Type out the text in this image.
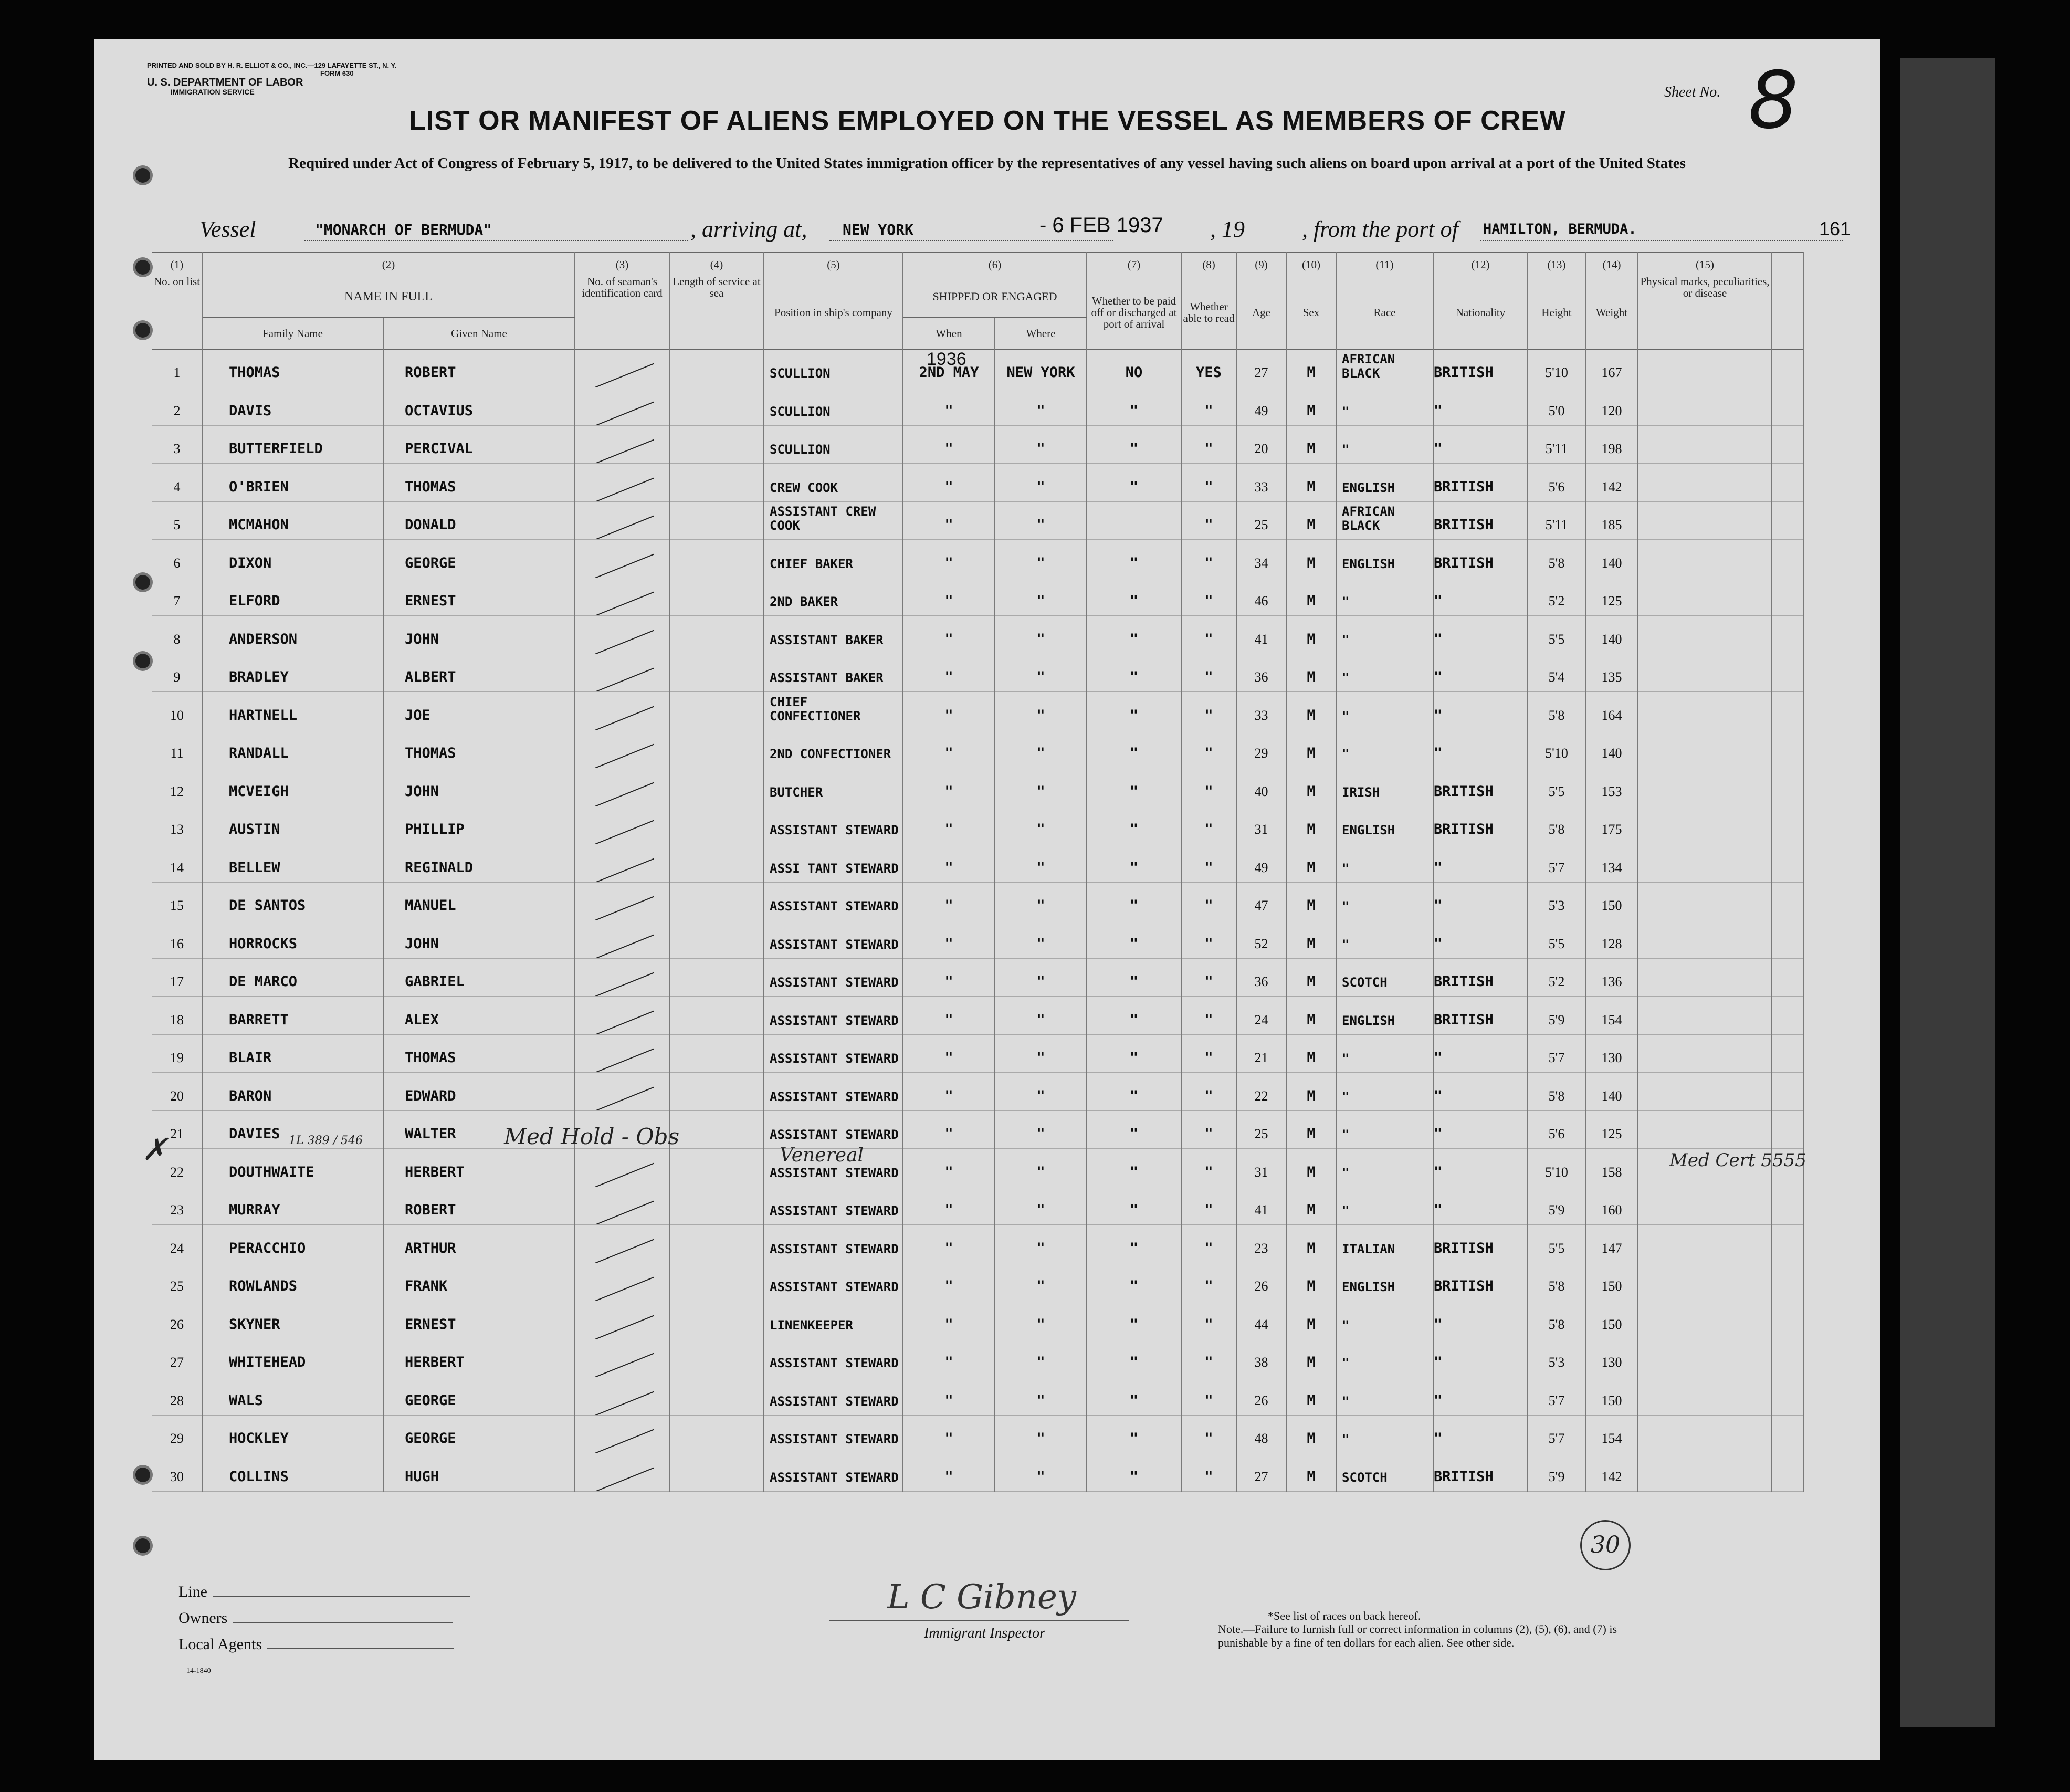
PRINTED AND SOLD BY H. R. ELLIOT & CO., INC.—129 LAFAYETTE ST., N. Y.
FORM 630
U. S. DEPARTMENT OF LABOR
IMMIGRATION SERVICE	Sheet No. 8
LIST OR MANIFEST OF ALIENS EMPLOYED ON THE VESSEL AS MEMBERS OF CREW
Required under Act of Congress of February 5, 1917, to be delivered to the United States immigration officer by the representatives of any vessel having such aliens on board upon arrival at a port of the United States
Vessel	"MONARCH OF BERMUDA"	, arriving at, NEW YORK	- 6 FEB 1937 , 19 , from the port of HAMILTON, BERMUDA.	161
(1)	(2)		(3)	(4)	(5)	(6)		(7)	(8)	(9)	(10)	(11)	(12)	(13)	(14)	(15)	
No. on list	NAME IN FULL		No. of seaman's identification card	Length of service at sea	Position in ship's company	SHIPPED OR ENGAGED		Whether to be paid off or discharged at port of arrival	Whether able to read	Age	Sex	Race	Nationality	Height	Weight	Physical marks, peculiarities, or disease	
	Family Name	Given Name				When	Where										
1	THOMAS	ROBERT			SCULLION	2ND MAY	NEW YORK	NO	YES	27	M	AFRICAN BLACK	BRITISH	5'10	167		
2	DAVIS	OCTAVIUS			SCULLION	"	"	"	"	49	M	"	"	5'0	120		
3	BUTTERFIELD	PERCIVAL			SCULLION	"	"	"	"	20	M	"	"	5'11	198		
4	O'BRIEN	THOMAS			CREW COOK	"	"	"	"	33	M	ENGLISH	BRITISH	5'6	142		
5	MCMAHON	DONALD			ASSISTANT CREW COOK	"	"		"	25	M	AFRICAN BLACK	BRITISH	5'11	185		
6	DIXON	GEORGE			CHIEF BAKER	"	"	"	"	34	M	ENGLISH	BRITISH	5'8	140		
7	ELFORD	ERNEST			2ND BAKER	"	"	"	"	46	M	"	"	5'2	125		
8	ANDERSON	JOHN			ASSISTANT BAKER	"	"	"	"	41	M	"	"	5'5	140		
9	BRADLEY	ALBERT			ASSISTANT BAKER	"	"	"	"	36	M	"	"	5'4	135		
10	HARTNELL	JOE			CHIEF CONFECTIONER	"	"	"	"	33	M	"	"	5'8	164		
11	RANDALL	THOMAS			2ND CONFECTIONER	"	"	"	"	29	M	"	"	5'10	140		
12	MCVEIGH	JOHN			BUTCHER	"	"	"	"	40	M	IRISH	BRITISH	5'5	153		
13	AUSTIN	PHILLIP			ASSISTANT STEWARD	"	"	"	"	31	M	ENGLISH	BRITISH	5'8	175		
14	BELLEW	REGINALD			ASSI TANT STEWARD	"	"	"	"	49	M	"	"	5'7	134		
15	DE SANTOS	MANUEL			ASSISTANT STEWARD	"	"	"	"	47	M	"	"	5'3	150		
16	HORROCKS	JOHN			ASSISTANT STEWARD	"	"	"	"	52	M	"	"	5'5	128		
17	DE MARCO	GABRIEL			ASSISTANT STEWARD	"	"	"	"	36	M	SCOTCH	BRITISH	5'2	136		
18	BARRETT	ALEX			ASSISTANT STEWARD	"	"	"	"	24	M	ENGLISH	BRITISH	5'9	154		
19	BLAIR	THOMAS			ASSISTANT STEWARD	"	"	"	"	21	M	"	"	5'7	130		
20	BARON	EDWARD			ASSISTANT STEWARD	"	"	"	"	22	M	"	"	5'8	140		
21	DAVIES	WALTER			ASSISTANT STEWARD	"	"	"	"	25	M	"	"	5'6	125		
22	DOUTHWAITE	HERBERT			ASSISTANT STEWARD	"	"	"	"	31	M	"	"	5'10	158		
23	MURRAY	ROBERT			ASSISTANT STEWARD	"	"	"	"	41	M	"	"	5'9	160		
24	PERACCHIO	ARTHUR			ASSISTANT STEWARD	"	"	"	"	23	M	ITALIAN	BRITISH	5'5	147		
25	ROWLANDS	FRANK			ASSISTANT STEWARD	"	"	"	"	26	M	ENGLISH	BRITISH	5'8	150		
26	SKYNER	ERNEST			LINENKEEPER	"	"	"	"	44	M	"	"	5'8	150		
27	WHITEHEAD	HERBERT			ASSISTANT STEWARD	"	"	"	"	38	M	"	"	5'3	130		
28	WALS	GEORGE			ASSISTANT STEWARD	"	"	"	"	26	M	"	"	5'7	150		
29	HOCKLEY	GEORGE			ASSISTANT STEWARD	"	"	"	"	48	M	"	"	5'7	154		
30	COLLINS	HUGH			ASSISTANT STEWARD	"	"	"	"	27	M	SCOTCH	BRITISH	5'9	142		
1936
Med Hold - Obs
Venereal	Med Cert 5555
1L 389 / 546
✗
30
Line
Owners
Local Agents
14-1840
L C Gibney
Immigrant Inspector
*See list of races on back hereof.
Note.—Failure to furnish full or correct information in columns (2), (5), (6), and (7) is punishable by a fine of ten dollars for each alien. See other side.
